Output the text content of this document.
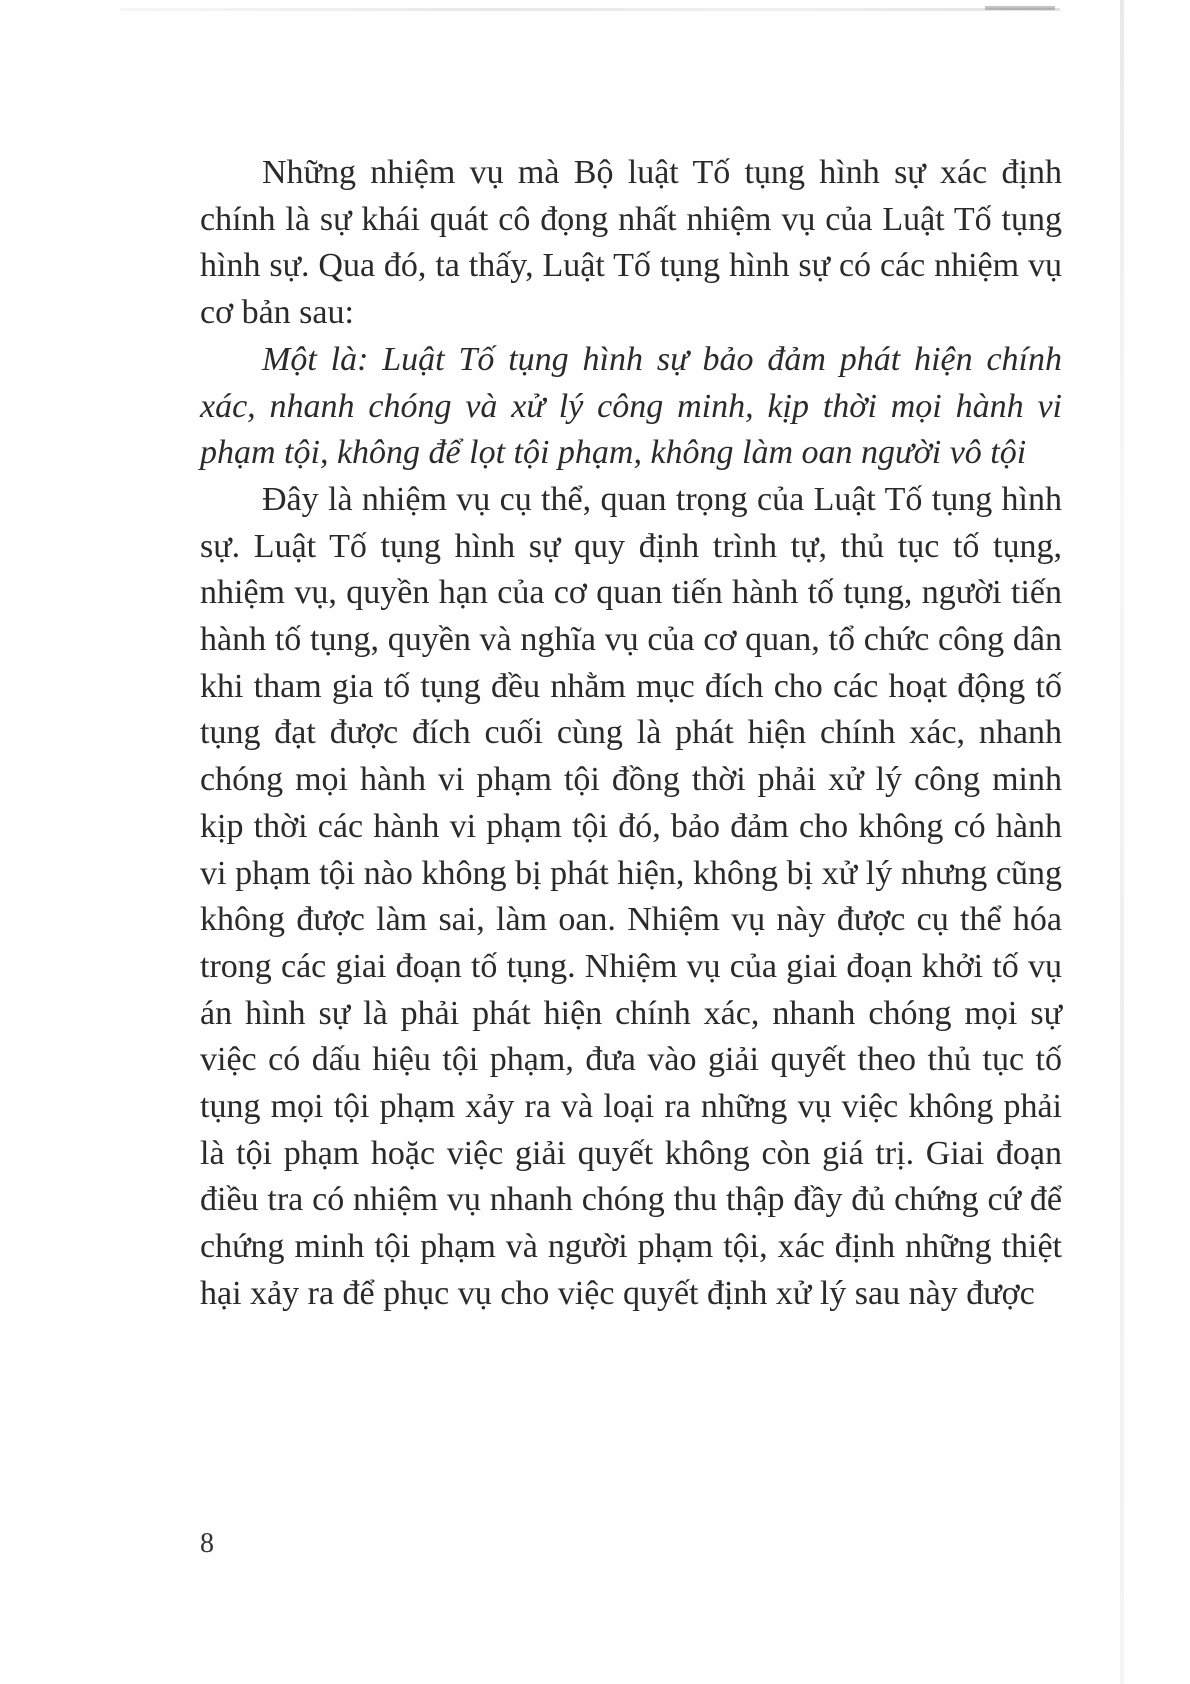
Những nhiệm vụ mà Bộ luật Tố tụng hình sự xác định chính là sự khái quát cô đọng nhất nhiệm vụ của Luật Tố tụng hình sự. Qua đó, ta thấy, Luật Tố tụng hình sự có các nhiệm vụ cơ bản sau:

Một là: Luật Tố tụng hình sự bảo đảm phát hiện chính xác, nhanh chóng và xử lý công minh, kịp thời mọi hành vi phạm tội, không để lọt tội phạm, không làm oan người vô tội

Đây là nhiệm vụ cụ thể, quan trọng của Luật Tố tụng hình sự. Luật Tố tụng hình sự quy định trình tự, thủ tục tố tụng, nhiệm vụ, quyền hạn của cơ quan tiến hành tố tụng, người tiến hành tố tụng, quyền và nghĩa vụ của cơ quan, tổ chức công dân khi tham gia tố tụng đều nhằm mục đích cho các hoạt động tố tụng đạt được đích cuối cùng là phát hiện chính xác, nhanh chóng mọi hành vi phạm tội đồng thời phải xử lý công minh kịp thời các hành vi phạm tội đó, bảo đảm cho không có hành vi phạm tội nào không bị phát hiện, không bị xử lý nhưng cũng không được làm sai, làm oan. Nhiệm vụ này được cụ thể hóa trong các giai đoạn tố tụng. Nhiệm vụ của giai đoạn khởi tố vụ án hình sự là phải phát hiện chính xác, nhanh chóng mọi sự việc có dấu hiệu tội phạm, đưa vào giải quyết theo thủ tục tố tụng mọi tội phạm xảy ra và loại ra những vụ việc không phải là tội phạm hoặc việc giải quyết không còn giá trị. Giai đoạn điều tra có nhiệm vụ nhanh chóng thu thập đầy đủ chứng cứ để chứng minh tội phạm và người phạm tội, xác định những thiệt hại xảy ra để phục vụ cho việc quyết định xử lý sau này được

8
